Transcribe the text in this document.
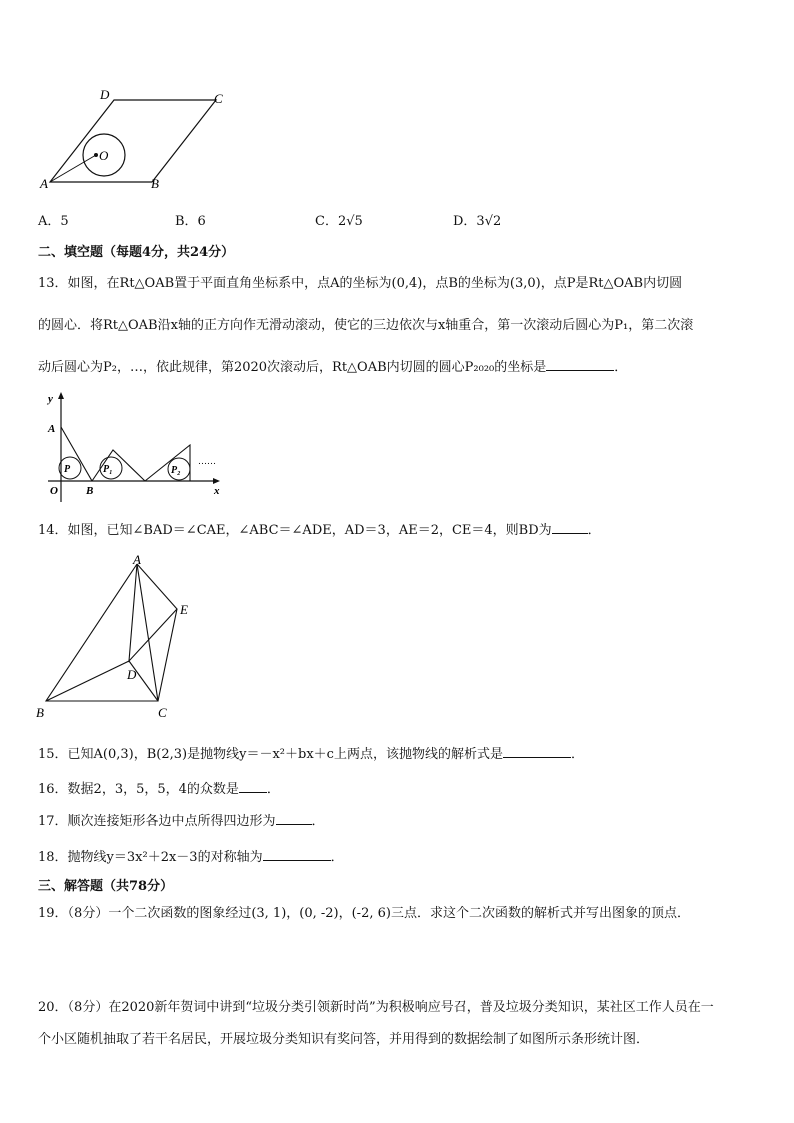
A	B
C
D
O
A．5	B．6	C．2√5	D．3√2
二、填空题（每题4分，共24分）
13．如图，在Rt△OAB置于平面直角坐标系中，点A的坐标为(0,4)，点B的坐标为(3,0)，点P是Rt△OAB内切圆
的圆心．将Rt△OAB沿x轴的正方向作无滑动滚动，使它的三边依次与x轴重合，第一次滚动后圆心为P₁，第二次滚
动后圆心为P₂，…，依此规律，第2020次滚动后，Rt△OAB内切圆的圆心P₂₀₂₀的坐标是	．
y
A
O	B	x
P	P₁	P₂
……
14．如图，已知∠BAD＝∠CAE，∠ABC＝∠ADE，AD＝3，AE＝2，CE＝4，则BD为	．
A
B	C
D
E
15．已知A(0,3)，B(2,3)是抛物线y＝－x²＋bx＋c上两点，该抛物线的解析式是	．
16．数据2，3，5，5，4的众数是 ．
17．顺次连接矩形各边中点所得四边形为	．
18．抛物线y＝3x²＋2x－3的对称轴为	．
三、解答题（共78分）
19．（8分）一个二次函数的图象经过(3, 1)，(0, -2)，(-2, 6)三点．求这个二次函数的解析式并写出图象的顶点．
20．（8分）在2020新年贺词中讲到“垃圾分类引领新时尚”为积极响应号召，普及垃圾分类知识，某社区工作人员在一
个小区随机抽取了若干名居民，开展垃圾分类知识有奖问答，并用得到的数据绘制了如图所示条形统计图．
